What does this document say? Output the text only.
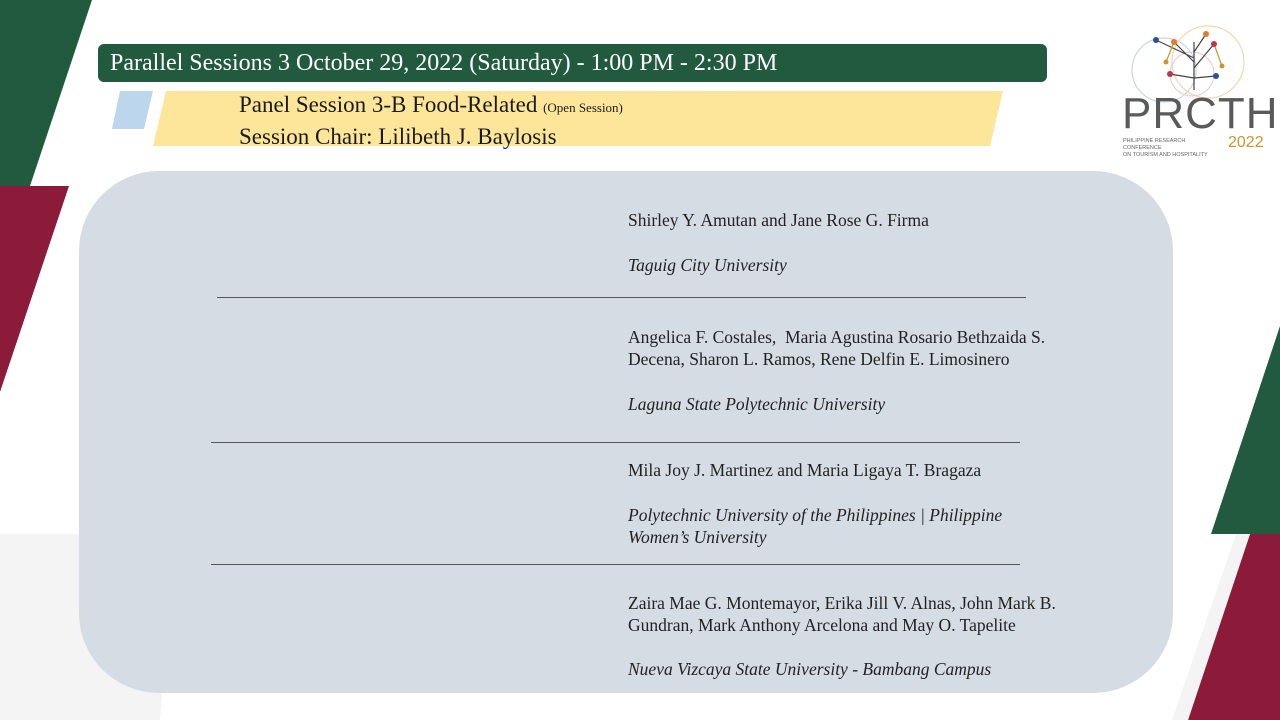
Parallel Sessions 3 October 29, 2022 (Saturday) - 1:00 PM - 2:30 PM
Panel Session 3-B Food-Related (Open Session)
Session Chair: Lilibeth J. Baylosis	PRCTH
PHILIPPINE RESEARCH CONFERENCE
ON TOURISM AND HOSPITALITY
2022
Shirley Y. Amutan and Jane Rose G. Firma
Taguig City University
Angelica F. Costales,  Maria Agustina Rosario Bethzaida S.
Decena, Sharon L. Ramos, Rene Delfin E. Limosinero
Laguna State Polytechnic University
Mila Joy J. Martinez and Maria Ligaya T. Bragaza
Polytechnic University of the Philippines | Philippine
Women’s University
Zaira Mae G. Montemayor, Erika Jill V. Alnas, John Mark B.
Gundran, Mark Anthony Arcelona and May O. Tapelite
Nueva Vizcaya State University - Bambang Campus
